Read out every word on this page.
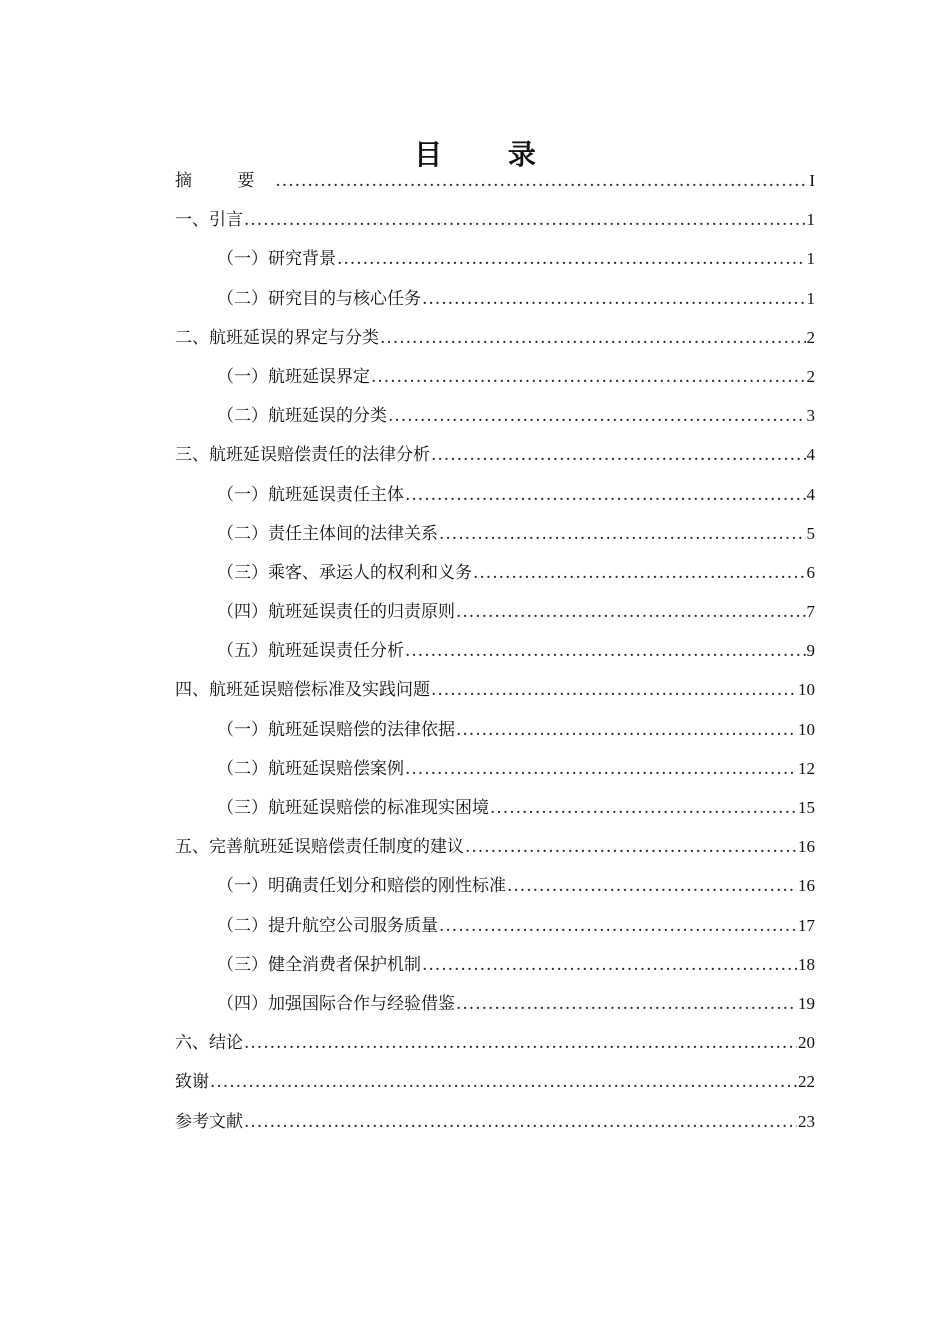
目 录
摘 要 .....	I
一、引言 .....	1
（一）研究背景 .....	1
（二）研究目的与核心任务 .....	1
二、航班延误的界定与分类 .....	2
（一）航班延误界定 .....	2
（二）航班延误的分类 .....	3
三、航班延误赔偿责任的法律分析 .....	4
（一）航班延误责任主体 .....	4
（二）责任主体间的法律关系 .....	5
（三）乘客、承运人的权利和义务 .....	6
（四）航班延误责任的归责原则 .....	7
（五）航班延误责任分析 .....	9
四、航班延误赔偿标准及实践问题 .....	10
（一）航班延误赔偿的法律依据 .....	10
（二）航班延误赔偿案例 .....	12
（三）航班延误赔偿的标准现实困境 .....	15
五、完善航班延误赔偿责任制度的建议 .....	16
（一）明确责任划分和赔偿的刚性标准 .....	16
（二）提升航空公司服务质量 .....	17
（三）健全消费者保护机制 .....	18
（四）加强国际合作与经验借鉴 .....	19
六、结论 .....	20
致谢 .....	22
参考文献 .....	23
